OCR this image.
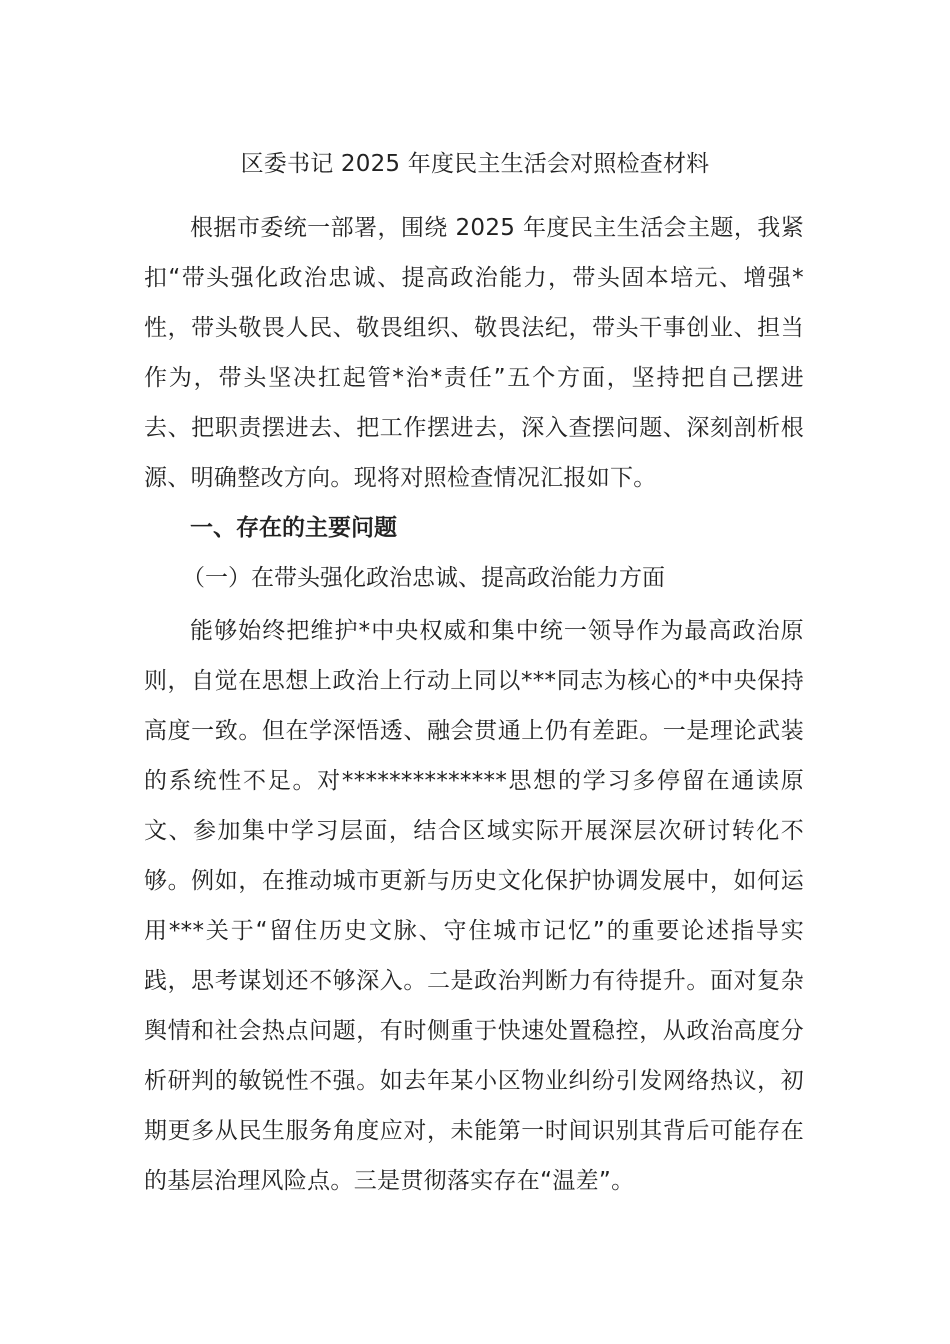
区委书记 2025 年度民主生活会对照检查材料

根据市委统一部署，围绕 2025 年度民主生活会主题，我紧扣“带头强化政治忠诚、提高政治能力，带头固本培元、增强*性，带头敬畏人民、敬畏组织、敬畏法纪，带头干事创业、担当作为，带头坚决扛起管*治*责任”五个方面，坚持把自己摆进去、把职责摆进去、把工作摆进去，深入查摆问题、深刻剖析根源、明确整改方向。现将对照检查情况汇报如下。

一、存在的主要问题
（一）在带头强化政治忠诚、提高政治能力方面

能够始终把维护*中央权威和集中统一领导作为最高政治原则，自觉在思想上政治上行动上同以***同志为核心的*中央保持高度一致。但在学深悟透、融会贯通上仍有差距。一是理论武装的系统性不足。对**************思想的学习多停留在通读原文、参加集中学习层面，结合区域实际开展深层次研讨转化不够。例如，在推动城市更新与历史文化保护协调发展中，如何运用***关于“留住历史文脉、守住城市记忆”的重要论述指导实践，思考谋划还不够深入。二是政治判断力有待提升。面对复杂舆情和社会热点问题，有时侧重于快速处置稳控，从政治高度分析研判的敏锐性不强。如去年某小区物业纠纷引发网络热议，初期更多从民生服务角度应对，未能第一时间识别其背后可能存在的基层治理风险点。三是贯彻落实存在“温差”。
